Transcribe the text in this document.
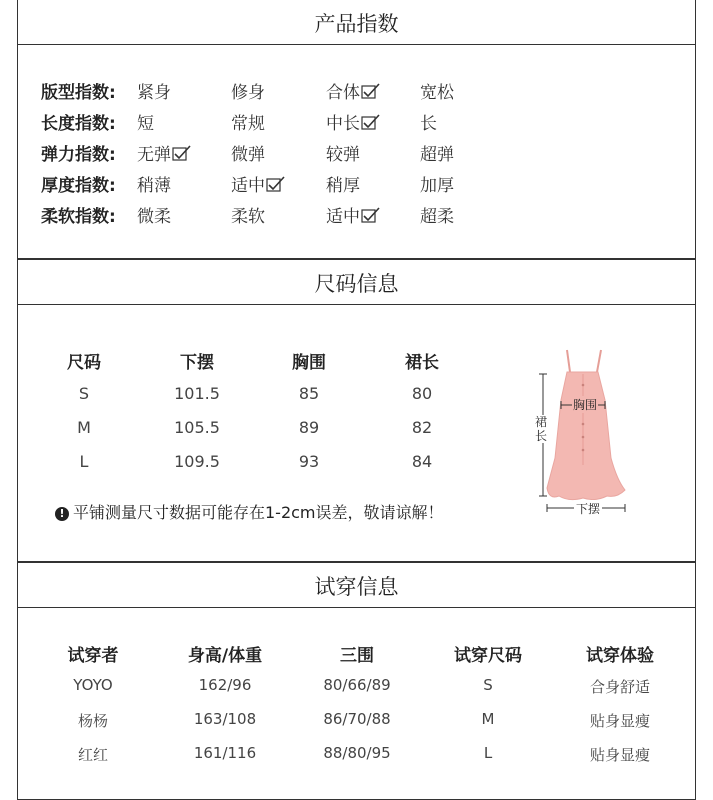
产品指数
版型指数: 紧身	修身	合体	宽松
长度指数: 短	常规	中长	长
弹力指数: 无弹	微弹	较弹	超弹
厚度指数: 稍薄	适中	稍厚	加厚
柔软指数: 微柔	柔软	适中	超柔
尺码信息
尺码	下摆	胸围	裙长
S	101.5	85	80
M	105.5	89	82
L	109.5	93	84
! 平铺测量尺寸数据可能存在1-2cm误差，敬请谅解！
胸围
裙长
下摆
试穿信息
试穿者	身高/体重	三围	试穿尺码	试穿体验
YOYO	162/96	80/66/89	S	合身舒适
杨杨	163/108	86/70/88	M	贴身显瘦
红红	161/116	88/80/95	L	贴身显瘦
